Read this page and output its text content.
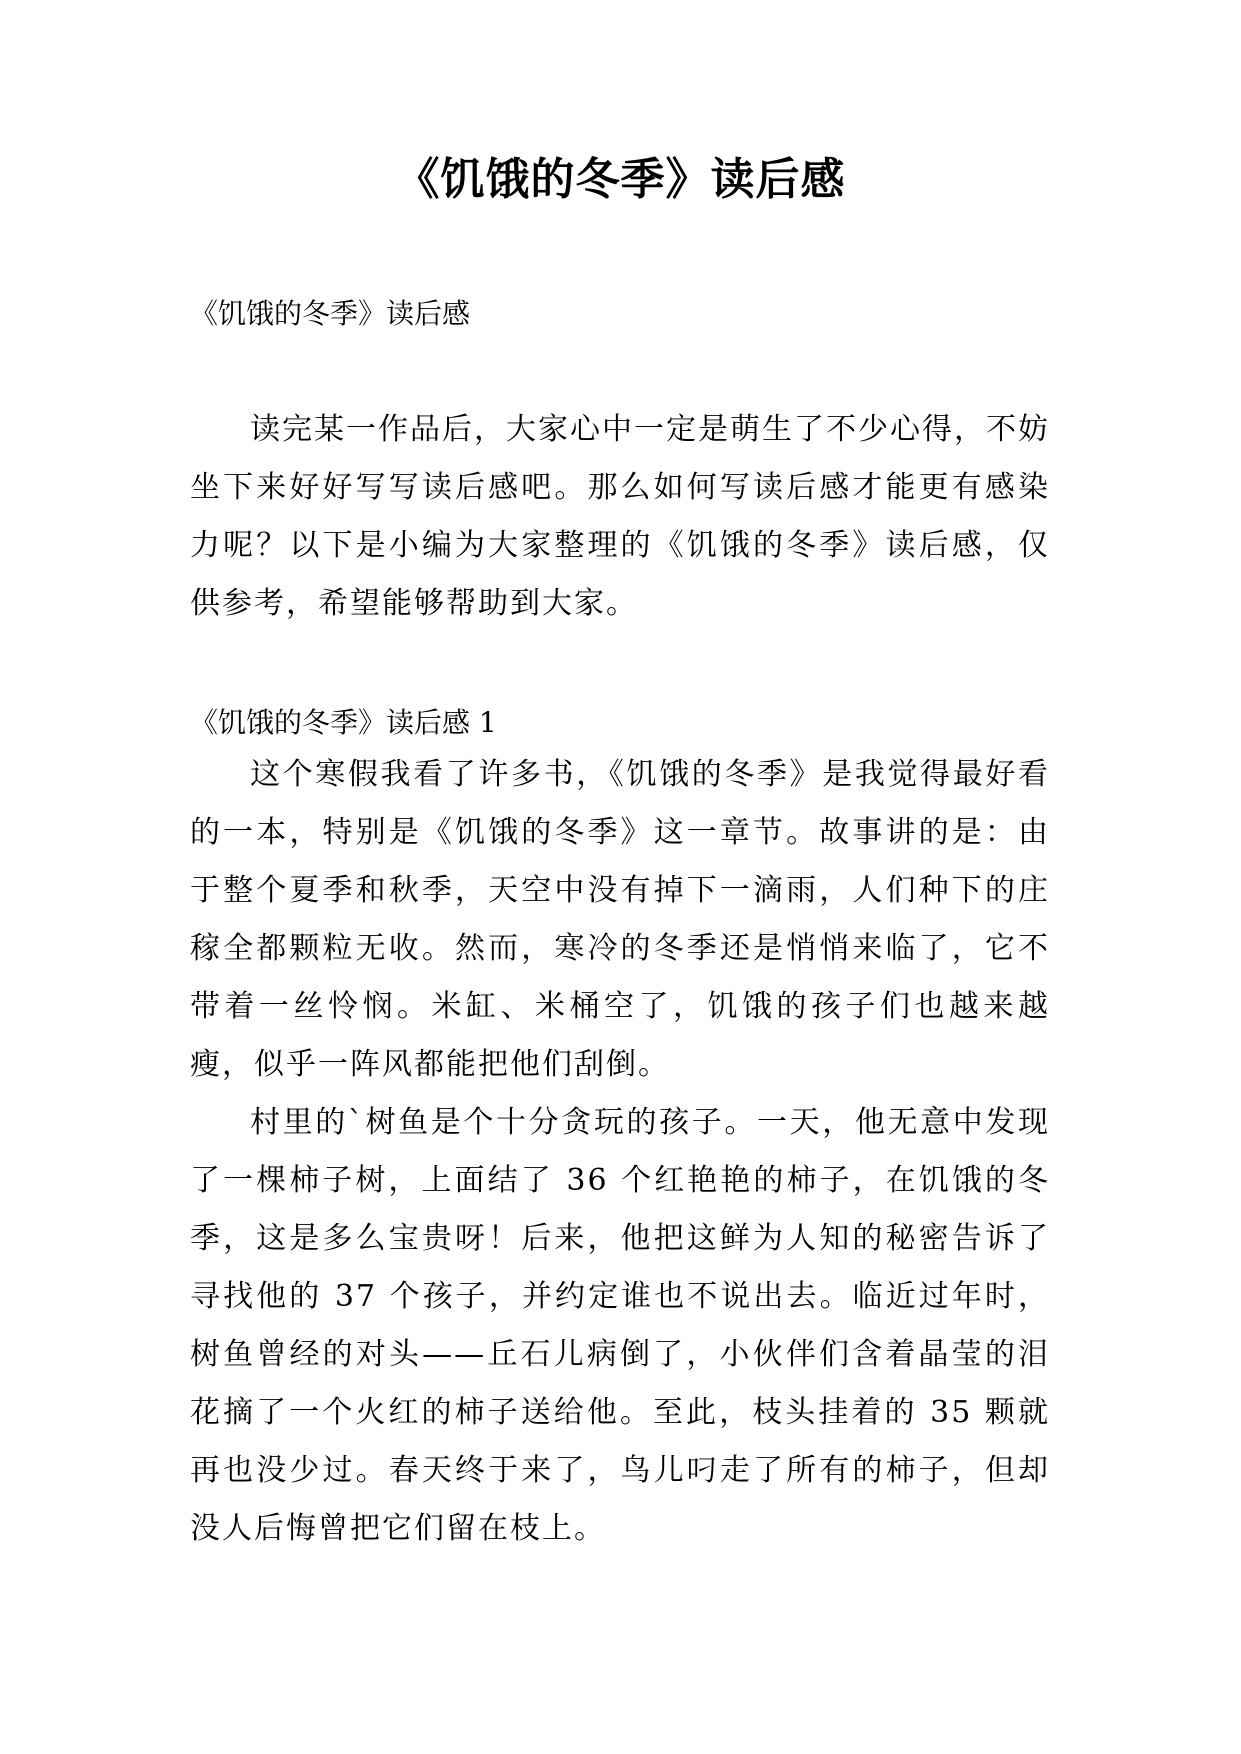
《饥饿的冬季》读后感
《饥饿的冬季》读后感

读完某一作品后，大家心中一定是萌生了不少心得，不妨坐下来好好写写读后感吧。那么如何写读后感才能更有感染力呢？以下是小编为大家整理的《饥饿的冬季》读后感，仅供参考，希望能够帮助到大家。

《饥饿的冬季》读后感 1

这个寒假我看了许多书，《饥饿的冬季》是我觉得最好看的一本，特别是《饥饿的冬季》这一章节。故事讲的是：由于整个夏季和秋季，天空中没有掉下一滴雨，人们种下的庄稼全都颗粒无收。然而，寒冷的冬季还是悄悄来临了，它不带着一丝怜悯。米缸、米桶空了，饥饿的孩子们也越来越瘦，似乎一阵风都能把他们刮倒。

村里的`树鱼是个十分贪玩的孩子。一天，他无意中发现了一棵柿子树，上面结了 36 个红艳艳的柿子，在饥饿的冬季，这是多么宝贵呀！后来，他把这鲜为人知的秘密告诉了寻找他的 37 个孩子，并约定谁也不说出去。临近过年时，树鱼曾经的对头——丘石儿病倒了，小伙伴们含着晶莹的泪花摘了一个火红的柿子送给他。至此，枝头挂着的 35 颗就再也没少过。春天终于来了，鸟儿叼走了所有的柿子，但却没人后悔曾把它们留在枝上。
